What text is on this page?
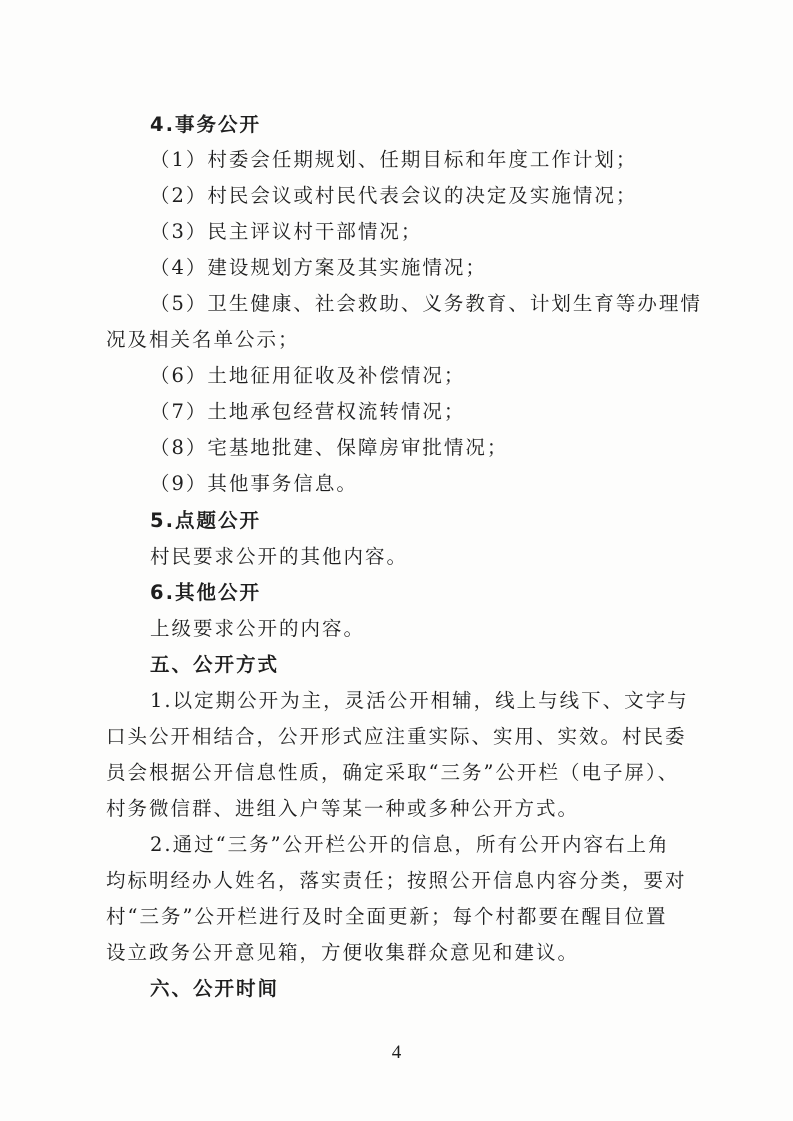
4.事务公开
（1）村委会任期规划、任期目标和年度工作计划；
（2）村民会议或村民代表会议的决定及实施情况；
（3）民主评议村干部情况；
（4）建设规划方案及其实施情况；
（5）卫生健康、社会救助、义务教育、计划生育等办理情
况及相关名单公示；
（6）土地征用征收及补偿情况；
（7）土地承包经营权流转情况；
（8）宅基地批建、保障房审批情况；
（9）其他事务信息。
5.点题公开
村民要求公开的其他内容。
6.其他公开
上级要求公开的内容。
五、公开方式
1.以定期公开为主，灵活公开相辅，线上与线下、文字与
口头公开相结合，公开形式应注重实际、实用、实效。村民委
员会根据公开信息性质，确定采取“三务”公开栏（电子屏）、
村务微信群、进组入户等某一种或多种公开方式。
2.通过“三务”公开栏公开的信息，所有公开内容右上角
均标明经办人姓名，落实责任；按照公开信息内容分类，要对
村“三务”公开栏进行及时全面更新；每个村都要在醒目位置
设立政务公开意见箱，方便收集群众意见和建议。
六、公开时间
4
